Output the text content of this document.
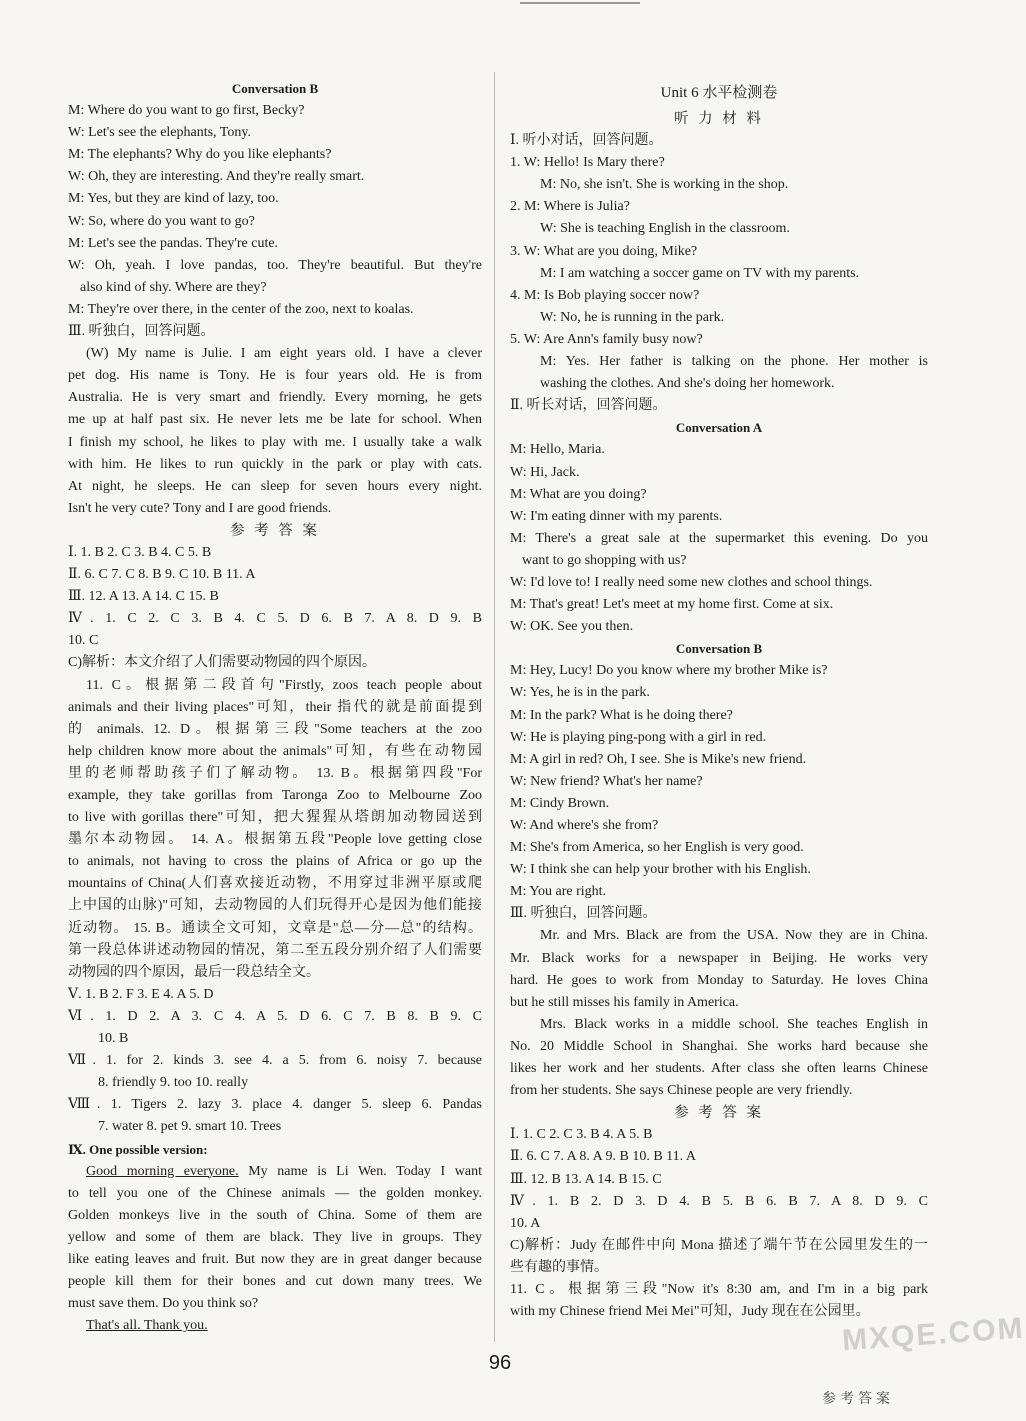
Conversation B
M: Where do you want to go first, Becky?
W: Let's see the elephants, Tony.
M: The elephants? Why do you like elephants?
W: Oh, they are interesting. And they're really smart.
M: Yes, but they are kind of lazy, too.
W: So, where do you want to go?
M: Let's see the pandas. They're cute.
W: Oh, yeah. I love pandas, too. They're beautiful. But they're
also kind of shy. Where are they?
M: They're over there, in the center of the zoo, next to koalas.
Ⅲ. 听独白，回答问题。
(W) My name is Julie. I am eight years old. I have a clever
pet dog. His name is Tony. He is four years old. He is from
Australia. He is very smart and friendly. Every morning, he gets
me up at half past six. He never lets me be late for school. When
I finish my school, he likes to play with me. I usually take a walk
with him. He likes to run quickly in the park or play with cats.
At night, he sleeps. He can sleep for seven hours every night.
Isn't he very cute? Tony and I are good friends.
参 考 答 案
Ⅰ. 1. B 2. C 3. B 4. C 5. B
Ⅱ. 6. C 7. C 8. B 9. C 10. B 11. A
Ⅲ. 12. A 13. A 14. C 15. B
Ⅳ. 1. C 2. C 3. B 4. C 5. D 6. B 7. A 8. D 9. B
10. C
C)解析：本文介绍了人们需要动物园的四个原因。
11. C。根据第二段首句"Firstly, zoos teach people about
animals and their living places"可知，their 指代的就是前面提到
的 animals. 12. D。根据第三段"Some teachers at the zoo
help children know more about the animals"可知，有些在动物园
里的老师帮助孩子们了解动物。 13. B。根据第四段"For
example, they take gorillas from Taronga Zoo to Melbourne Zoo
to live with gorillas there"可知，把大猩猩从塔朗加动物园送到
墨尔本动物园。 14. A。根据第五段"People love getting close
to animals, not having to cross the plains of Africa or go up the
mountains of China(人们喜欢接近动物，不用穿过非洲平原或爬
上中国的山脉)"可知，去动物园的人们玩得开心是因为他们能接
近动物。 15. B。通读全文可知，文章是"总—分—总"的结构。
第一段总体讲述动物园的情况，第二至五段分别介绍了人们需要
动物园的四个原因，最后一段总结全文。
Ⅴ. 1. B 2. F 3. E 4. A 5. D
Ⅵ. 1. D 2. A 3. C 4. A 5. D 6. C 7. B 8. B 9. C
10. B
Ⅶ. 1. for 2. kinds 3. see 4. a 5. from 6. noisy 7. because
8. friendly 9. too 10. really
Ⅷ. 1. Tigers 2. lazy 3. place 4. danger 5. sleep 6. Pandas
7. water 8. pet 9. smart 10. Trees
Ⅸ. One possible version:
Good morning everyone. My name is Li Wen. Today I want
to tell you one of the Chinese animals — the golden monkey.
Golden monkeys live in the south of China. Some of them are
yellow and some of them are black. They live in groups. They
like eating leaves and fruit. But now they are in great danger because
people kill them for their bones and cut down many trees. We
must save them. Do you think so?
That's all. Thank you.
Unit 6 水平检测卷
听 力 材 料
Ⅰ. 听小对话，回答问题。
1. W: Hello! Is Mary there?
M: No, she isn't. She is working in the shop.
2. M: Where is Julia?
W: She is teaching English in the classroom.
3. W: What are you doing, Mike?
M: I am watching a soccer game on TV with my parents.
4. M: Is Bob playing soccer now?
W: No, he is running in the park.
5. W: Are Ann's family busy now?
M: Yes. Her father is talking on the phone. Her mother is
washing the clothes. And she's doing her homework.
Ⅱ. 听长对话，回答问题。
Conversation A
M: Hello, Maria.
W: Hi, Jack.
M: What are you doing?
W: I'm eating dinner with my parents.
M: There's a great sale at the supermarket this evening. Do you
want to go shopping with us?
W: I'd love to! I really need some new clothes and school things.
M: That's great! Let's meet at my home first. Come at six.
W: OK. See you then.
Conversation B
M: Hey, Lucy! Do you know where my brother Mike is?
W: Yes, he is in the park.
M: In the park? What is he doing there?
W: He is playing ping-pong with a girl in red.
M: A girl in red? Oh, I see. She is Mike's new friend.
W: New friend? What's her name?
M: Cindy Brown.
W: And where's she from?
M: She's from America, so her English is very good.
W: I think she can help your brother with his English.
M: You are right.
Ⅲ. 听独白，回答问题。
Mr. and Mrs. Black are from the USA. Now they are in China.
Mr. Black works for a newspaper in Beijing. He works very
hard. He goes to work from Monday to Saturday. He loves China
but he still misses his family in America.
Mrs. Black works in a middle school. She teaches English in
No. 20 Middle School in Shanghai. She works hard because she
likes her work and her students. After class she often learns Chinese
from her students. She says Chinese people are very friendly.
参 考 答 案
Ⅰ. 1. C 2. C 3. B 4. A 5. B
Ⅱ. 6. C 7. A 8. A 9. B 10. B 11. A
Ⅲ. 12. B 13. A 14. B 15. C
Ⅳ. 1. B 2. D 3. D 4. B 5. B 6. B 7. A 8. D 9. C
10. A
C)解析：Judy 在邮件中向 Mona 描述了端午节在公园里发生的一
些有趣的事情。
11. C。根据第三段"Now it's 8:30 am, and I'm in a big park
with my Chinese friend Mei Mei"可知，Judy 现在在公园里。
96
参考答案
MXQE.COM
